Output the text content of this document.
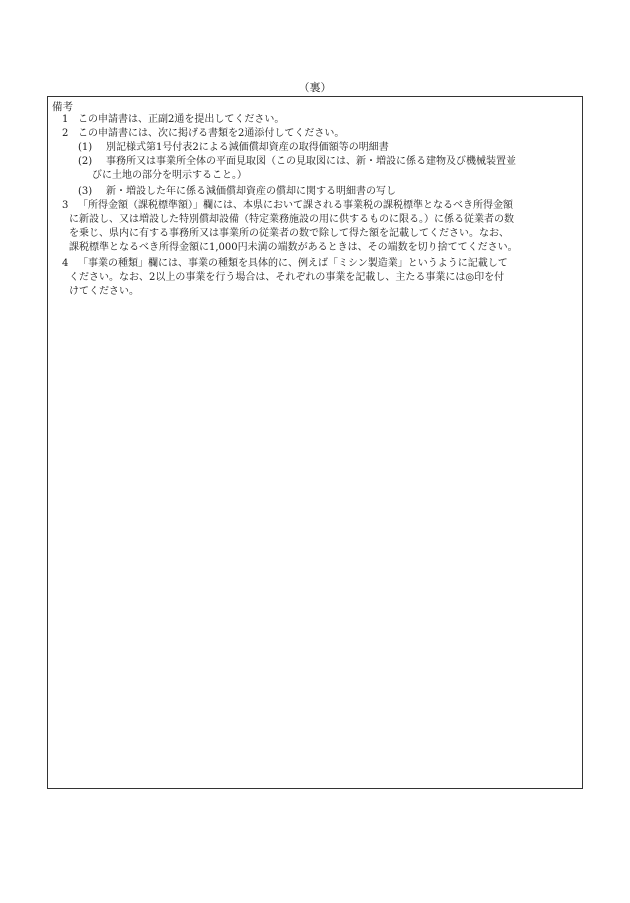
（裏）
備考
1 この申請書は、正副2通を提出してください。
2 この申請書には、次に掲げる書類を2通添付してください。
(1) 別記様式第1号付表2による減価償却資産の取得価額等の明細書
(2) 事務所又は事業所全体の平面見取図（この見取図には、新・増設に係る建物及び機械装置並
びに土地の部分を明示すること。）
(3) 新・増設した年に係る減価償却資産の償却に関する明細書の写し
3 「所得金額（課税標準額）」欄には、本県において課される事業税の課税標準となるべき所得金額
に新設し、又は増設した特別償却設備（特定業務施設の用に供するものに限る。）に係る従業者の数
を乗じ、県内に有する事務所又は事業所の従業者の数で除して得た額を記載してください。なお、
課税標準となるべき所得金額に1,000円未満の端数があるときは、その端数を切り捨ててください。
4 「事業の種類」欄には、事業の種類を具体的に、例えば「ミシン製造業」というように記載して
ください。なお、2以上の事業を行う場合は、それぞれの事業を記載し、主たる事業には◎印を付
けてください。
